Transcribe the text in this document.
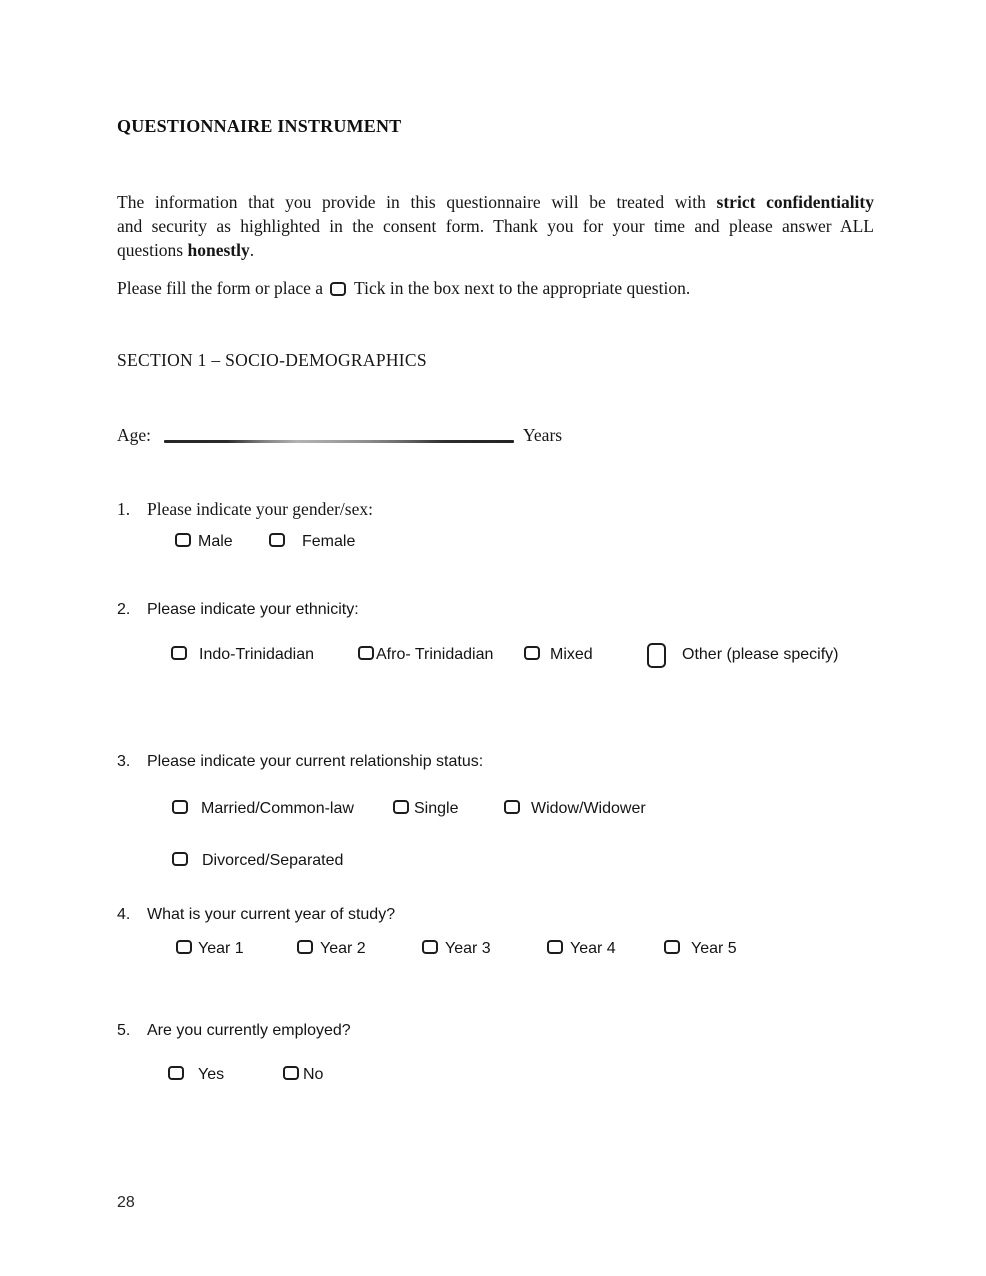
QUESTIONNAIRE INSTRUMENT
The information that you provide in this questionnaire will be treated with strict confidentiality
and security as highlighted in the consent form. Thank you for your time and please answer ALL
questions honestly.
Please fill the form or place a Tick in the box next to the appropriate question.
SECTION 1 – SOCIO-DEMOGRAPHICS
Age:	Years
1. Please indicate your gender/sex:
Male	Female
2.	Please indicate your ethnicity:
Indo-Trinidadian	Afro- Trinidadian	Mixed	Other (please specify)
3.	Please indicate your current relationship status:
Married/Common-law	Single	Widow/Widower
Divorced/Separated
4.	What is your current year of study?
Year 1	Year 2	Year 3	Year 4	Year 5
5.	Are you currently employed?
Yes	No
28
